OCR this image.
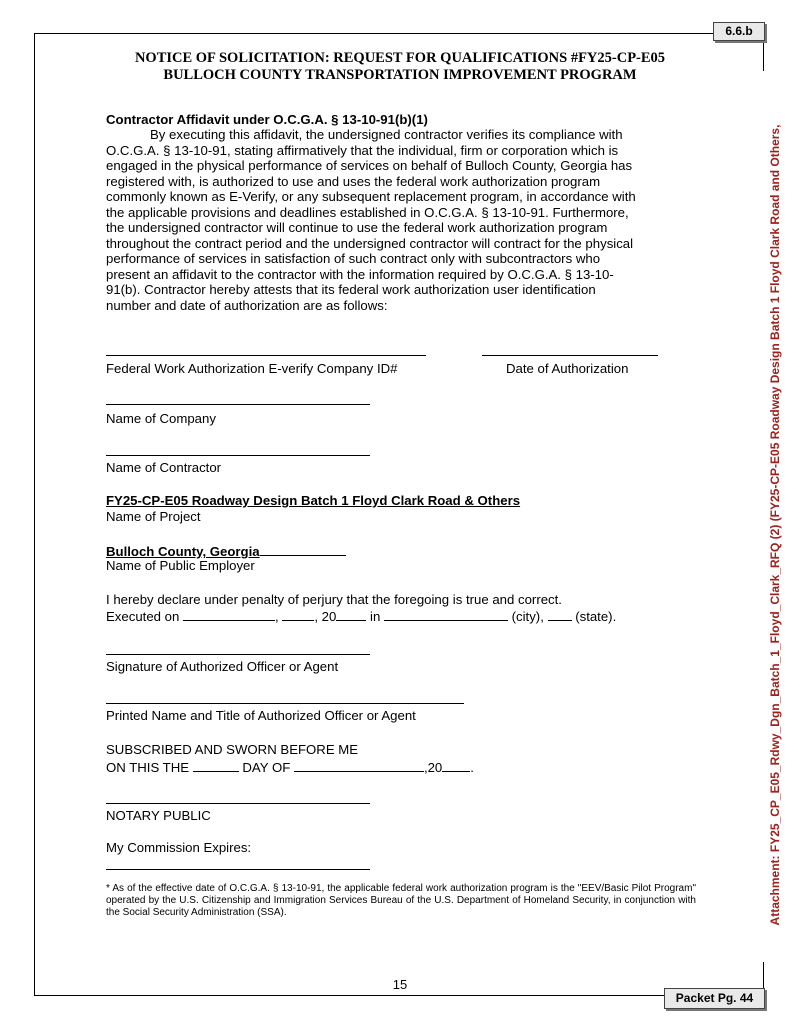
6.6.b
Packet Pg. 44
Attachment: FY25_CP_E05_Rdwy_Dgn_Batch_1_Floyd_Clark_RFQ (2) (FY25-CP-E05 Roadway Design Batch 1 Floyd Clark Road and Others,
NOTICE OF SOLICITATION: REQUEST FOR QUALIFICATIONS #FY25-CP-E05
BULLOCH COUNTY TRANSPORTATION IMPROVEMENT PROGRAM
Contractor Affidavit under O.C.G.A. § 13-10-91(b)(1)
By executing this affidavit, the undersigned contractor verifies its compliance with
O.C.G.A. § 13-10-91, stating affirmatively that the individual, firm or corporation which is
engaged in the physical performance of services on behalf of Bulloch County, Georgia has
registered with, is authorized to use and uses the federal work authorization program
commonly known as E-Verify, or any subsequent replacement program, in accordance with
the applicable provisions and deadlines established in O.C.G.A. § 13-10-91. Furthermore,
the undersigned contractor will continue to use the federal work authorization program
throughout the contract period and the undersigned contractor will contract for the physical
performance of services in satisfaction of such contract only with subcontractors who
present an affidavit to the contractor with the information required by O.C.G.A. § 13-10-
91(b). Contractor hereby attests that its federal work authorization user identification
number and date of authorization are as follows:
Federal Work Authorization E-verify Company ID#	Date of Authorization
Name of Company
Name of Contractor
FY25-CP-E05 Roadway Design Batch 1 Floyd Clark Road & Others
Name of Project
Bulloch County, Georgia
Name of Public Employer
I hereby declare under penalty of perjury that the foregoing is true and correct.
Executed on	,	, 20	in	(city), (state).
Signature of Authorized Officer or Agent
Printed Name and Title of Authorized Officer or Agent
SUBSCRIBED AND SWORN BEFORE ME
ON THIS THE	DAY OF	,20 .
NOTARY PUBLIC
My Commission Expires:
* As of the effective date of O.C.G.A. § 13-10-91, the applicable federal work authorization program is the "EEV/Basic Pilot Program" operated by the U.S. Citizenship and Immigration Services Bureau of the U.S. Department of Homeland Security, in conjunction with the Social Security Administration (SSA).
15
